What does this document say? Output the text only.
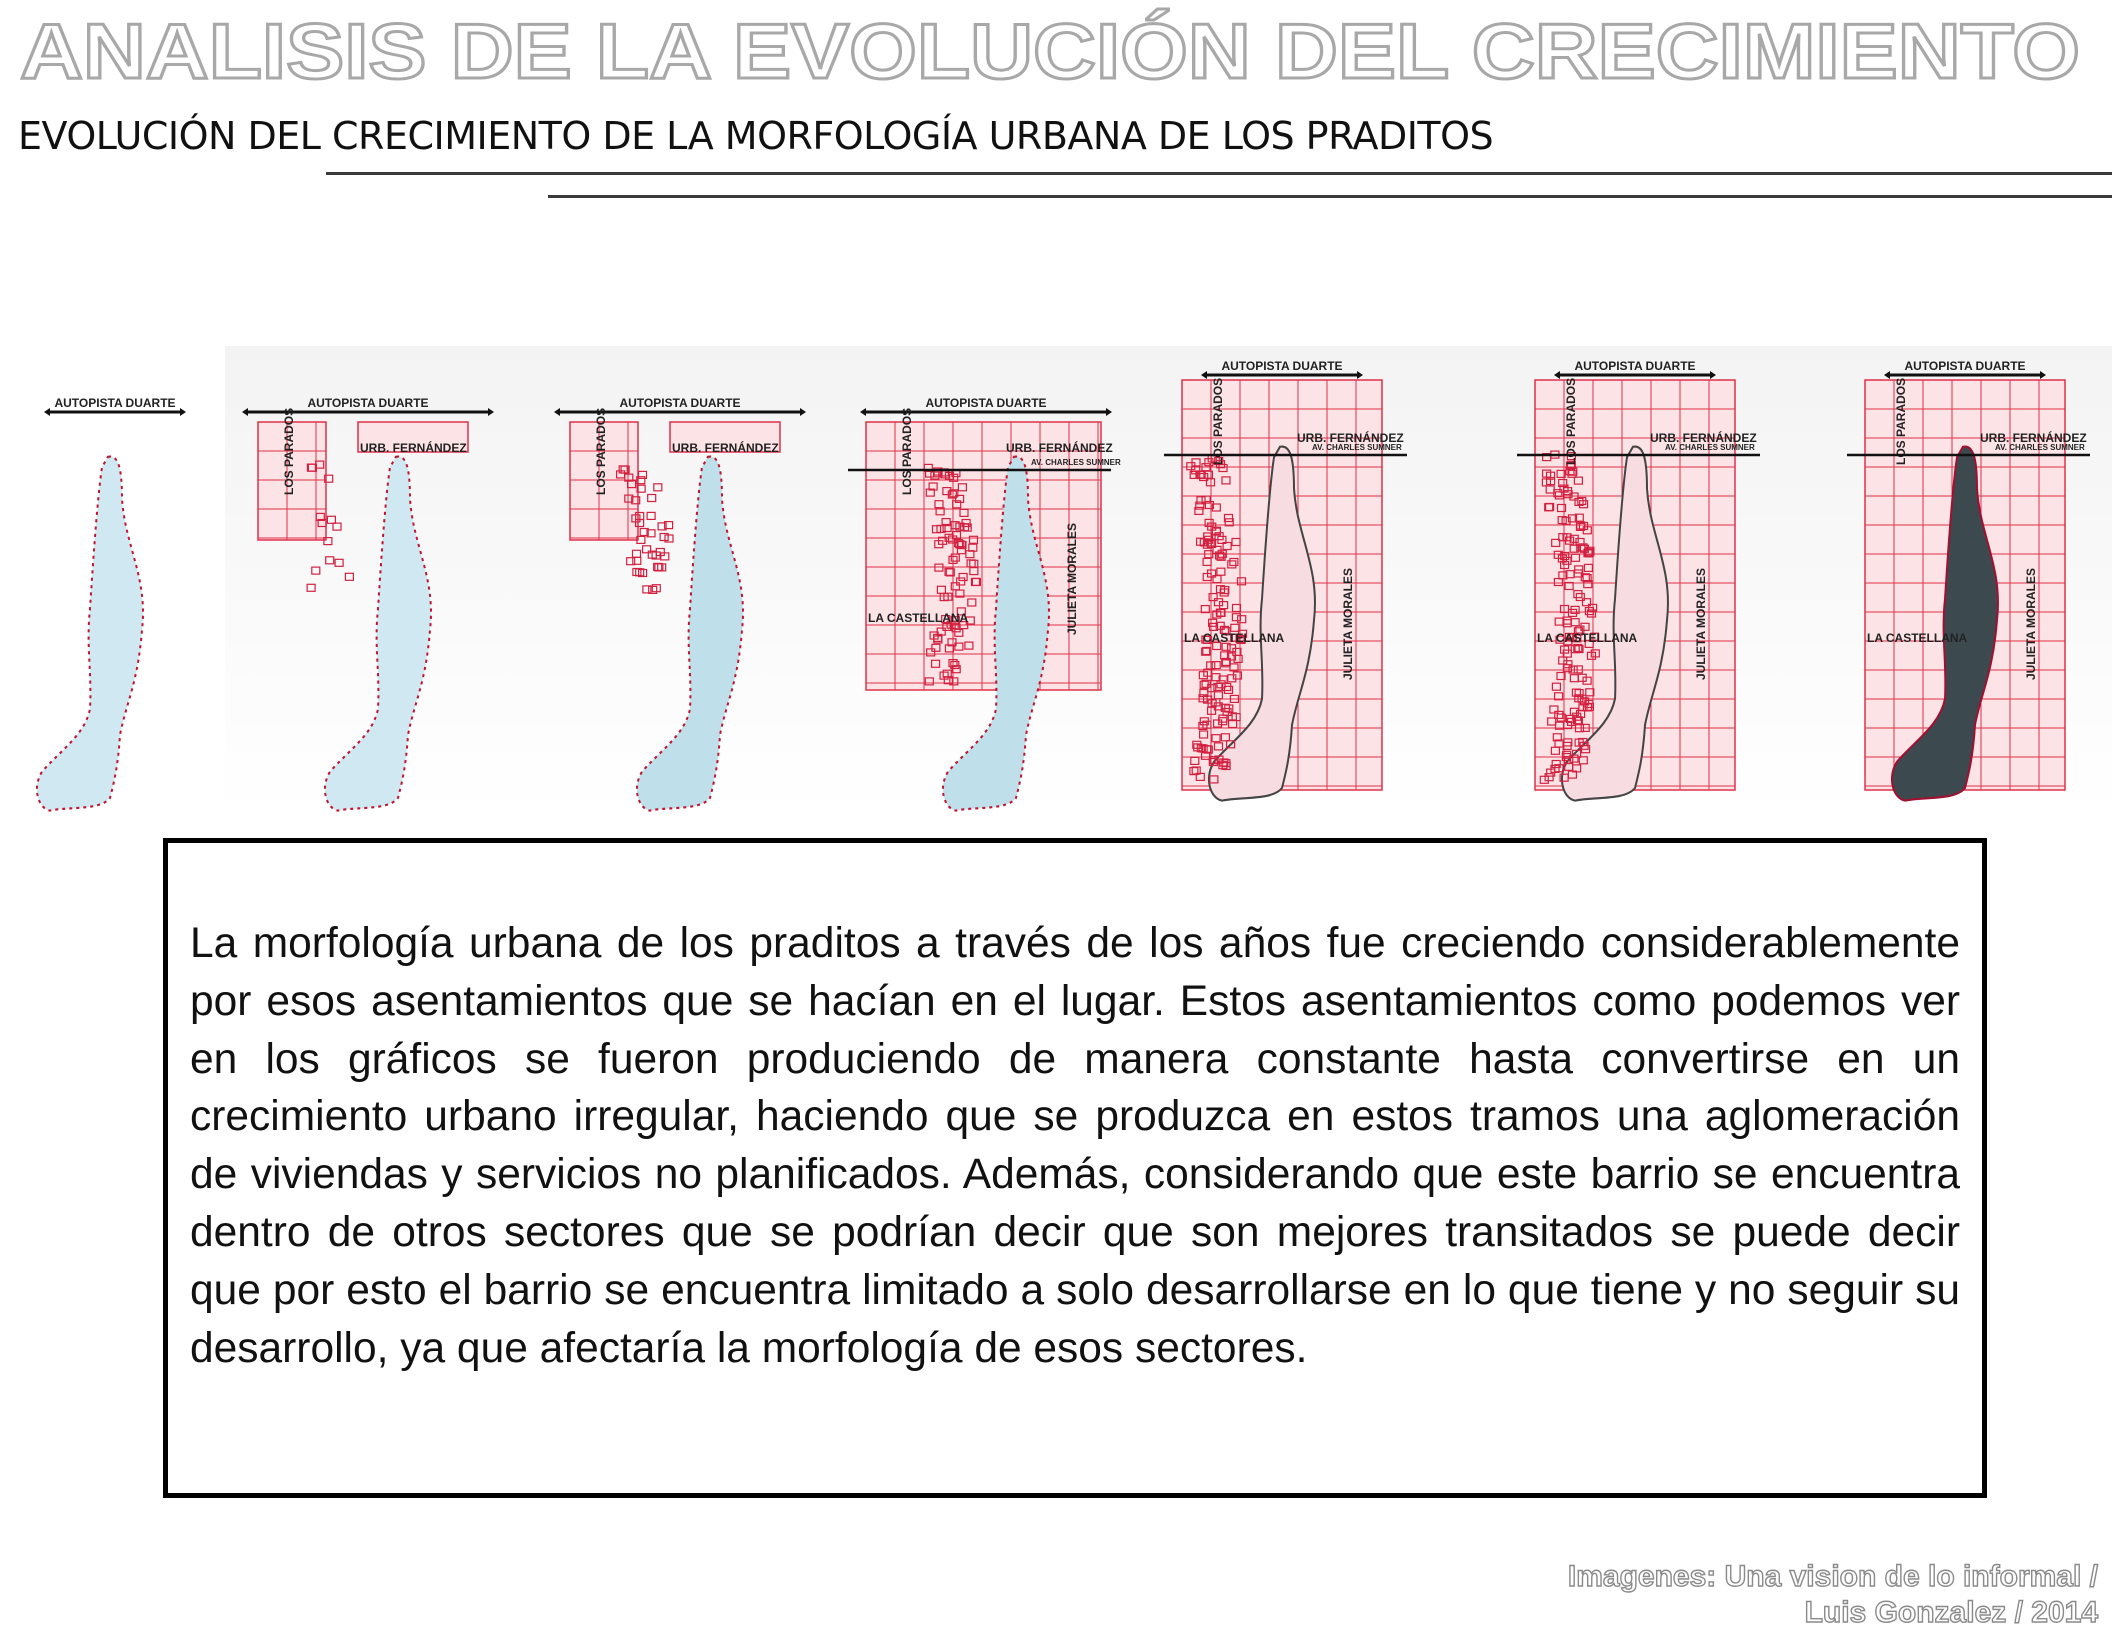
ANALISIS DE LA EVOLUCIÓN DEL CRECIMIENTO
EVOLUCIÓN DEL CRECIMIENTO DE LA MORFOLOGÍA URBANA DE LOS PRADITOS
AUTOPISTA DUARTE	AUTOPISTA DUARTE
URB. FERNÁNDEZ
LOS PARADOS
AUTOPISTA DUARTE
URB. FERNÁNDEZ
LOS PARADOS
AUTOPISTA DUARTE
URB. FERNÁNDEZ
LOS PARADOS	AV. CHARLES SUMNER
LA CASTELLANA	JULIETA MORALES
AUTOPISTA DUARTE
URB. FERNÁNDEZ
LOS PARADOS	AV. CHARLES SUMNER
LA CASTELLANA	JULIETA MORALES
AUTOPISTA DUARTE
URB. FERNÁNDEZ
LOS PARADOS	AV. CHARLES SUMNER
LA CASTELLANA	JULIETA MORALES
AUTOPISTA DUARTE
URB. FERNÁNDEZ
LOS PARADOS	AV. CHARLES SUMNER
LA CASTELLANA	JULIETA MORALES

La morfología urbana de los praditos a través de los años fue creciendo considerablemente por esos asentamientos que se hacían en el lugar. Estos asentamientos como podemos ver en los gráficos se fueron produciendo de manera constante hasta convertirse en un crecimiento urbano irregular, haciendo que se produzca en estos tramos una aglomeración de viviendas y servicios no planificados. Además, considerando que este barrio se encuentra dentro de otros sectores que se podrían decir que son mejores transitados se puede decir que por esto el barrio se encuentra limitado a solo desarrollarse en lo que tiene y no seguir su desarrollo, ya que afectaría la morfología de esos sectores.

Imagenes: Una vision de lo informal /
Luis Gonzalez / 2014
